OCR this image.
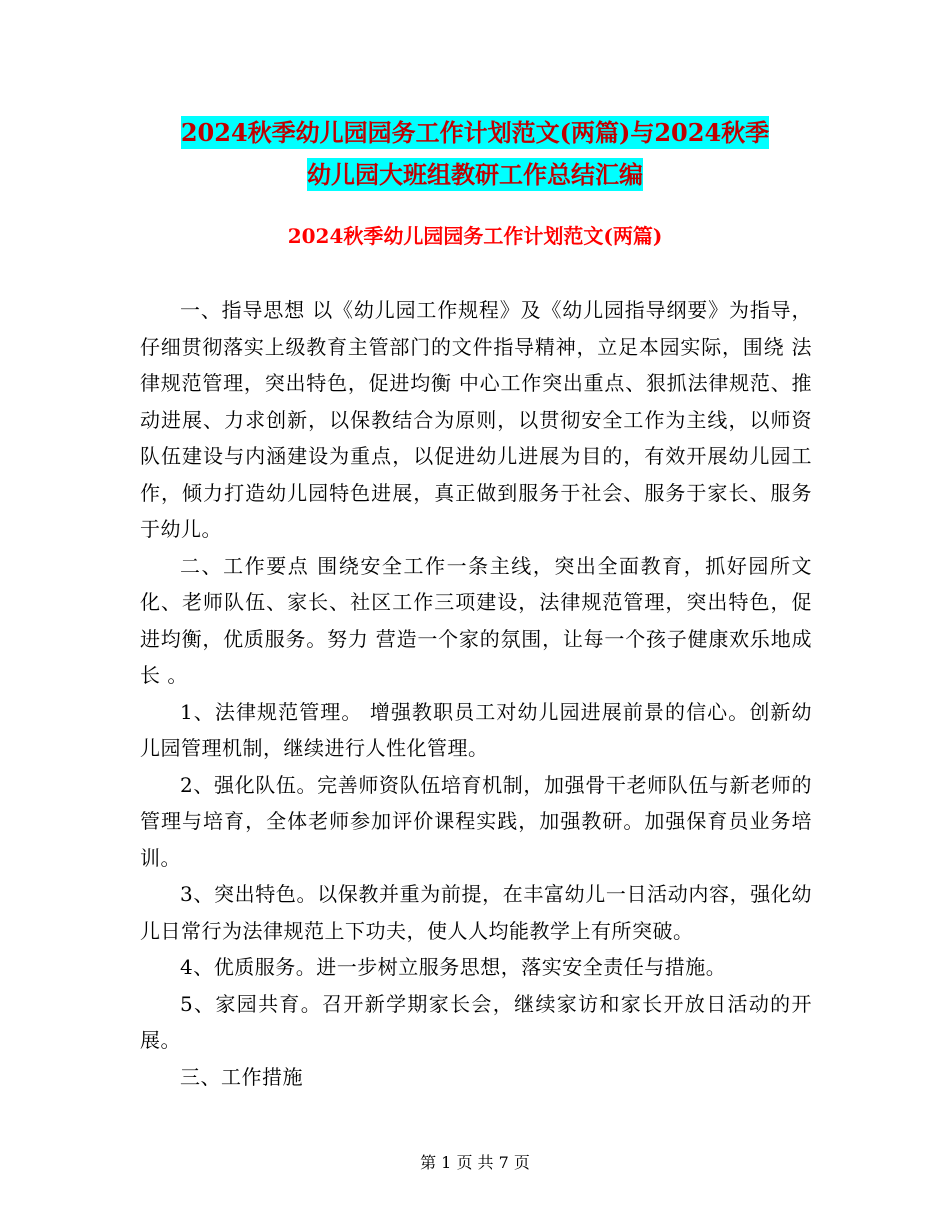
2024秋季幼儿园园务工作计划范文(两篇)与2024秋季
幼儿园大班组教研工作总结汇编
2024秋季幼儿园园务工作计划范文(两篇)

一、指导思想 以《幼儿园工作规程》及《幼儿园指导纲要》为指导，仔细贯彻落实上级教育主管部门的文件指导精神，立足本园实际，围绕 法律规范管理，突出特色，促进均衡 中心工作突出重点、狠抓法律规范、推动进展、力求创新，以保教结合为原则，以贯彻安全工作为主线，以师资队伍建设与内涵建设为重点，以促进幼儿进展为目的，有效开展幼儿园工作，倾力打造幼儿园特色进展，真正做到服务于社会、服务于家长、服务于幼儿。

二、工作要点 围绕安全工作一条主线，突出全面教育，抓好园所文化、老师队伍、家长、社区工作三项建设，法律规范管理，突出特色，促进均衡，优质服务。努力 营造一个家的氛围，让每一个孩子健康欢乐地成长 。

1、法律规范管理。 增强教职员工对幼儿园进展前景的信心。创新幼儿园管理机制，继续进行人性化管理。

2、强化队伍。完善师资队伍培育机制，加强骨干老师队伍与新老师的管理与培育，全体老师参加评价课程实践，加强教研。加强保育员业务培训。

3、突出特色。以保教并重为前提，在丰富幼儿一日活动内容，强化幼儿日常行为法律规范上下功夫，使人人均能教学上有所突破。

4、优质服务。进一步树立服务思想，落实安全责任与措施。

5、家园共育。召开新学期家长会，继续家访和家长开放日活动的开展。

三、工作措施

第 1 页 共 7 页
